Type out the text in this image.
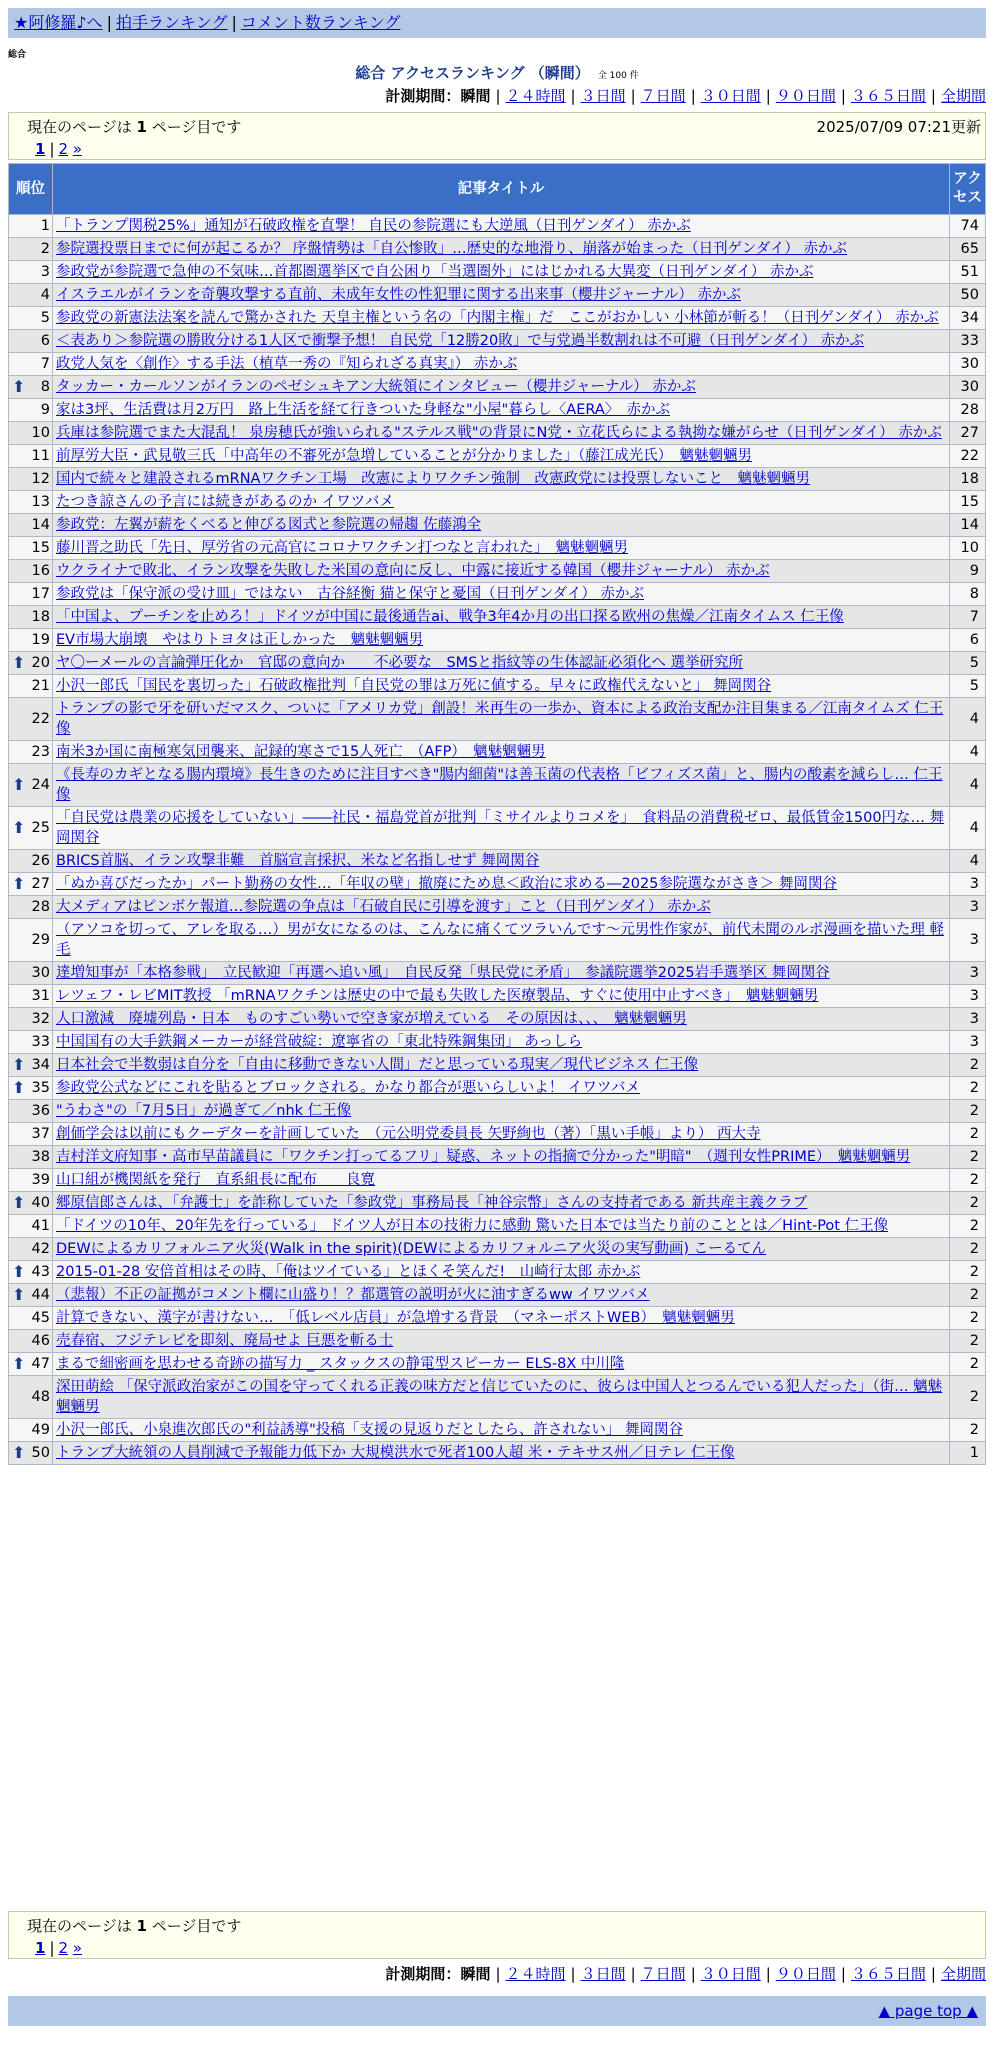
★阿修羅♪へ | 拍手ランキング | コメント数ランキング
総合
総合 アクセスランキング （瞬間） 全 100 件
計測期間：瞬間 | ２４時間 | ３日間 | ７日間 | ３０日間 | ９０日間 | ３６５日間 | 全期間
現在のページは 1 ページ目です	2025/07/09 07:21更新
1 | 2 »
順位	記事タイトル	アクセス
1	「トランプ関税25%」通知が石破政権を直撃！ 自民の参院選にも大逆風（日刊ゲンダイ） 赤かぶ	74
2	参院選投票日までに何が起こるか？ 序盤情勢は「自公惨敗」…歴史的な地滑り、崩落が始まった（日刊ゲンダイ） 赤かぶ	65
3	参政党が参院選で急伸の不気味…首都圏選挙区で自公困り「当選圏外」にはじかれる大異変（日刊ゲンダイ） 赤かぶ	51
4	イスラエルがイランを奇襲攻撃する直前、未成年女性の性犯罪に関する出来事（櫻井ジャーナル） 赤かぶ	50
5	参政党の新憲法法案を読んで驚かされた 天皇主権という名の「内閣主権」だ　ここがおかしい 小林節が斬る！（日刊ゲンダイ） 赤かぶ	34
6	＜表あり＞参院選の勝敗分ける1人区で衝撃予想！ 自民党「12勝20敗」で与党過半数割れは不可避（日刊ゲンダイ） 赤かぶ	33
7	政党人気を〈創作〉する手法（植草一秀の『知られざる真実』） 赤かぶ	30

⬆ 8	タッカー・カールソンがイランのペゼシュキアン大統領にインタビュー（櫻井ジャーナル） 赤かぶ	30
9	家は3坪、生活費は月2万円　路上生活を経て行きついた身軽な"小屋"暮らし〈AERA〉　赤かぶ	28
10	兵庫は参院選でまた大混乱！ 泉房穂氏が強いられる"ステルス戦"の背景にN党・立花氏らによる執拗な嫌がらせ（日刊ゲンダイ） 赤かぶ	27
11	前厚労大臣・武見敬三氏「中高年の不審死が急増していることが分かりました」（藤江成光氏）　魑魅魍魎男	22
12	国内で続々と建設されるmRNAワクチン工場　改憲によりワクチン強制　改憲政党には投票しないこと　魑魅魍魎男	18
13	たつき諒さんの予言には続きがあるのか イワツバメ	15
14	参政党：左翼が薪をくべると伸びる図式と参院選の帰趨 佐藤鴻全	14
15	藤川晋之助氏「先日、厚労省の元高官にコロナワクチン打つなと言われた」　魑魅魍魎男	10
16	ウクライナで敗北、イラン攻撃を失敗した米国の意向に反し、中露に接近する韓国（櫻井ジャーナル） 赤かぶ	9
17	参政党は「保守派の受け皿」ではない　古谷経衡 猫と保守と憂国（日刊ゲンダイ） 赤かぶ	8
18	「中国よ、プーチンを止めろ！」ドイツが中国に最後通告ai、戦争3年4か月の出口探る欧州の焦燥／江南タイムス 仁王像	7
19	EV市場大崩壊　やはりトヨタは正しかった　魑魅魍魎男	6

⬆ 20	ヤ〇ーメールの言論弾圧化か　官邸の意向か　　不必要な　SMSと指紋等の生体認証必須化へ 選挙研究所	5
21	小沢一郎氏「国民を裏切った」石破政権批判「自民党の罪は万死に値する。早々に政権代えないと」 舞岡関谷	5
22	トランプの影で牙を研いだマスク、ついに「アメリカ党」創設！米再生の一歩か、資本による政治支配か注目集まる／江南タイムズ 仁王像	4
23	南米3か国に南極寒気団襲来、記録的寒さで15人死亡　（AFP）　魑魅魍魎男	4

⬆ 24	《長寿のカギとなる腸内環境》長生きのために注目すべき"腸内細菌"は善玉菌の代表格「ビフィズス菌」と、腸内の酸素を減らし… 仁王像	4

⬆ 25	「自民党は農業の応援をしていない」――社民・福島党首が批判「ミサイルよりコメを」　食料品の消費税ゼロ、最低賃金1500円な… 舞岡関谷	4
26	BRICS首脳、イラン攻撃非難　首脳宣言採択、米など名指しせず 舞岡関谷	4

⬆ 27	「ぬか喜びだったか」パート勤務の女性…「年収の壁」撤廃にため息＜政治に求める―2025参院選ながさき＞ 舞岡関谷	3
28	大メディアはピンボケ報道…参院選の争点は「石破自民に引導を渡す」こと（日刊ゲンダイ） 赤かぶ	3
29	（アソコを切って、アレを取る…）男が女になるのは、こんなに痛くてツラいんです〜元男性作家が、前代未聞のルポ漫画を描いた理 軽毛	3
30	達増知事が「本格参戦」　立民歓迎「再選へ追い風」　自民反発「県民党に矛盾」　参議院選挙2025岩手選挙区 舞岡関谷	3
31	レツェフ・レビMIT教授 「mRNAワクチンは歴史の中で最も失敗した医療製品、すぐに使用中止すべき」　魑魅魍魎男	3
32	人口激減　廃墟列島・日本　ものすごい勢いで空き家が増えている　その原因は、、、　魑魅魍魎男	3
33	中国国有の大手鉄鋼メーカーが経営破綻：遼寧省の「東北特殊鋼集団」 あっしら	3

⬆ 34	日本社会で半数弱は自分を「自由に移動できない人間」だと思っている現実／現代ビジネス 仁王像	2

⬆ 35	参政党公式などにこれを貼るとブロックされる。かなり都合が悪いらしいよ！ イワツバメ	2
36	"うわさ"の「7月5日」が過ぎて／nhk 仁王像	2
37	創価学会は以前にもクーデターを計画していた　（元公明党委員長 矢野絢也（著）「黒い手帳」より） 西大寺	2
38	吉村洋文府知事・高市早苗議員に「ワクチン打ってるフリ」疑惑、ネットの指摘で分かった"明暗"　（週刊女性PRIME）　魑魅魍魎男	2
39	山口組が機関紙を発行　直系組長に配布　　良寛	2

⬆ 40	郷原信郎さんは、「弁護士」を詐称していた「参政党」事務局長「神谷宗幣」さんの支持者である 新共産主義クラブ	2
41	「ドイツの10年、20年先を行っている」 ドイツ人が日本の技術力に感動 驚いた日本では当たり前のこととは／Hint-Pot 仁王像	2
42	DEWによるカリフォルニア火災(Walk in the spirit)(DEWによるカリフォルニア火災の実写動画) こーるてん	2

⬆ 43	2015-01-28 安倍首相はその時、「俺はツイている」とほくそ笑んだ!　山崎行太郎 赤かぶ	2

⬆ 44	（悲報）不正の証拠がコメント欄に山盛り！？都選管の説明が火に油すぎるww イワツバメ	2
45	計算できない、漢字が書けない…　「低レベル店員」が急増する背景　（マネーポストWEB）　魑魅魍魎男	2
46	売春宿、フジテレビを即刻、廃局せよ 巨悪を斬る士	2

⬆ 47	まるで細密画を思わせる奇跡の描写力 _ スタックスの静電型スピーカー ELS-8X 中川隆	2
48	深田萌絵 「保守派政治家がこの国を守ってくれる正義の味方だと信じていたのに、彼らは中国人とつるんでいる犯人だった」（街… 魑魅魍魎男	2
49	小沢一郎氏、小泉進次郎氏の"利益誘導"投稿「支援の見返りだとしたら、許されない」 舞岡関谷	2

⬆ 50	トランプ大統領の人員削減で予報能力低下か 大規模洪水で死者100人超 米・テキサス州／日テレ 仁王像	1
現在のページは 1 ページ目です
1 | 2 »
計測期間：瞬間 | ２４時間 | ３日間 | ７日間 | ３０日間 | ９０日間 | ３６５日間 | 全期間
▲ page top ▲
